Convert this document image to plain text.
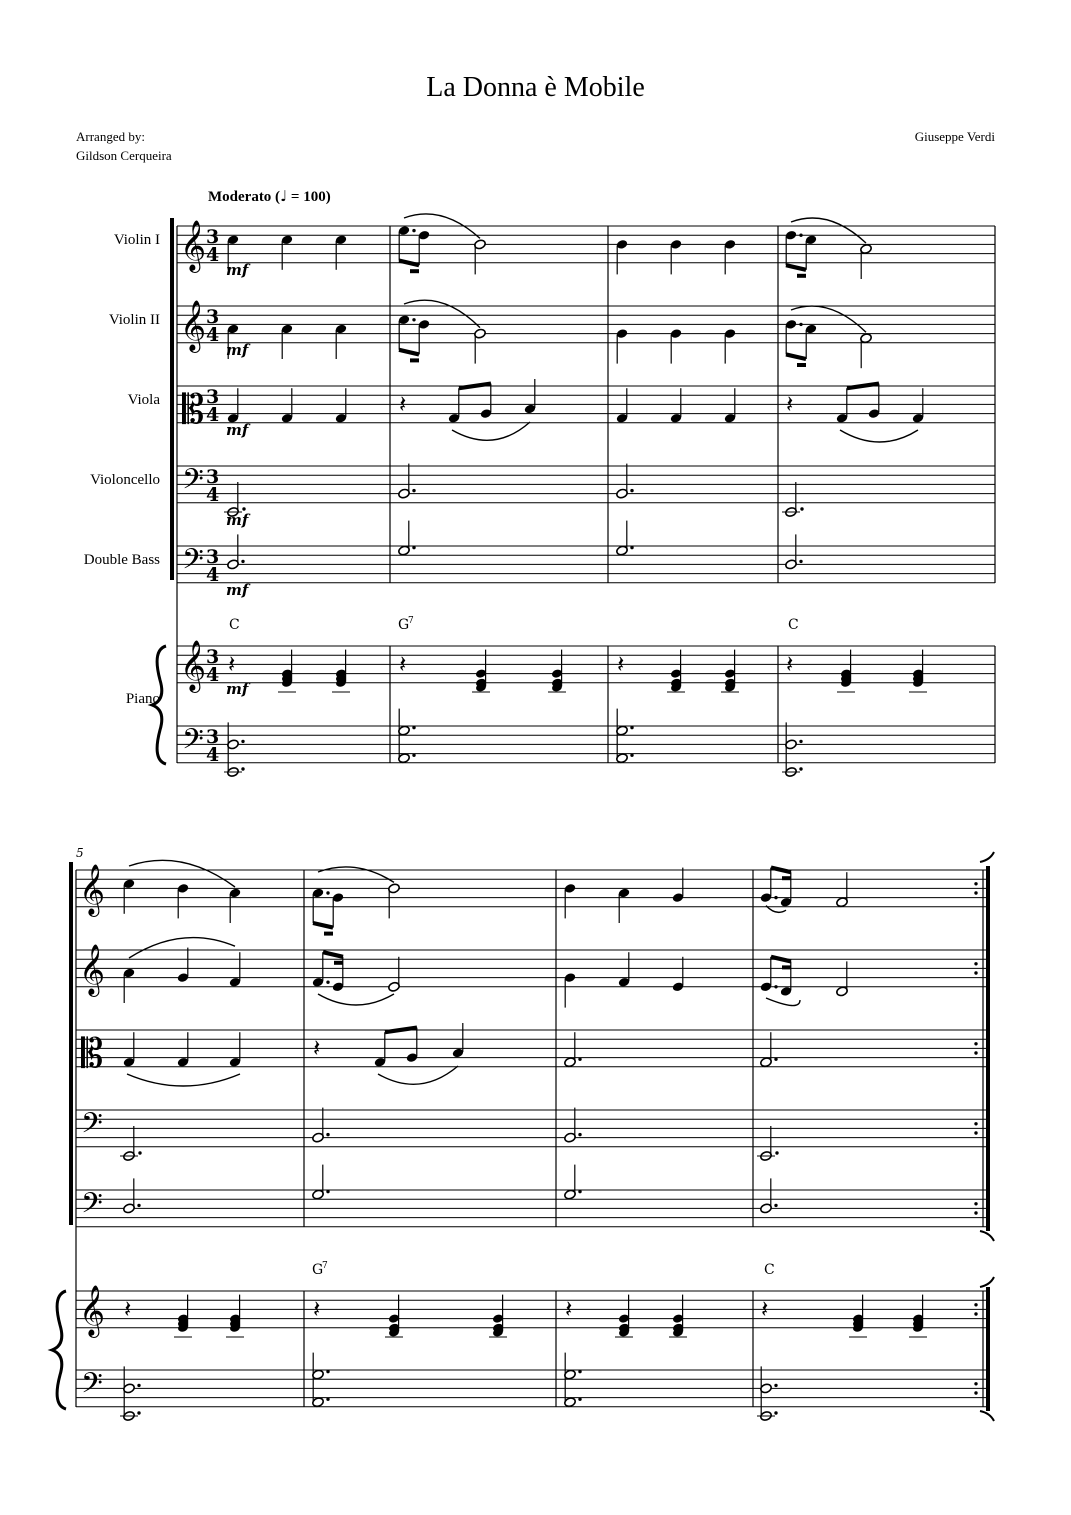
La Donna è Mobile
Arranged by:
Gildson Cerqueira
Giuseppe Verdi
Moderato (♩ = 100)
Violin I
Violin II
Viola
Violoncello
Double Bass
Piano
𝄞 3
4
𝄞 3
4
𝄡 3
4
𝄢 3
4
𝄢 3
4
𝄞
𝄢
3
4
3
4
𝄽	𝄽
mf
mf
mf
mf
mf
mf
𝄽	𝄽	𝄽	𝄽
C	G
7	C
𝄞
𝄞
𝄡
𝄢
𝄢
𝄞
𝄢
5
𝄽
𝄽	𝄽	𝄽	𝄽
G
7	C
